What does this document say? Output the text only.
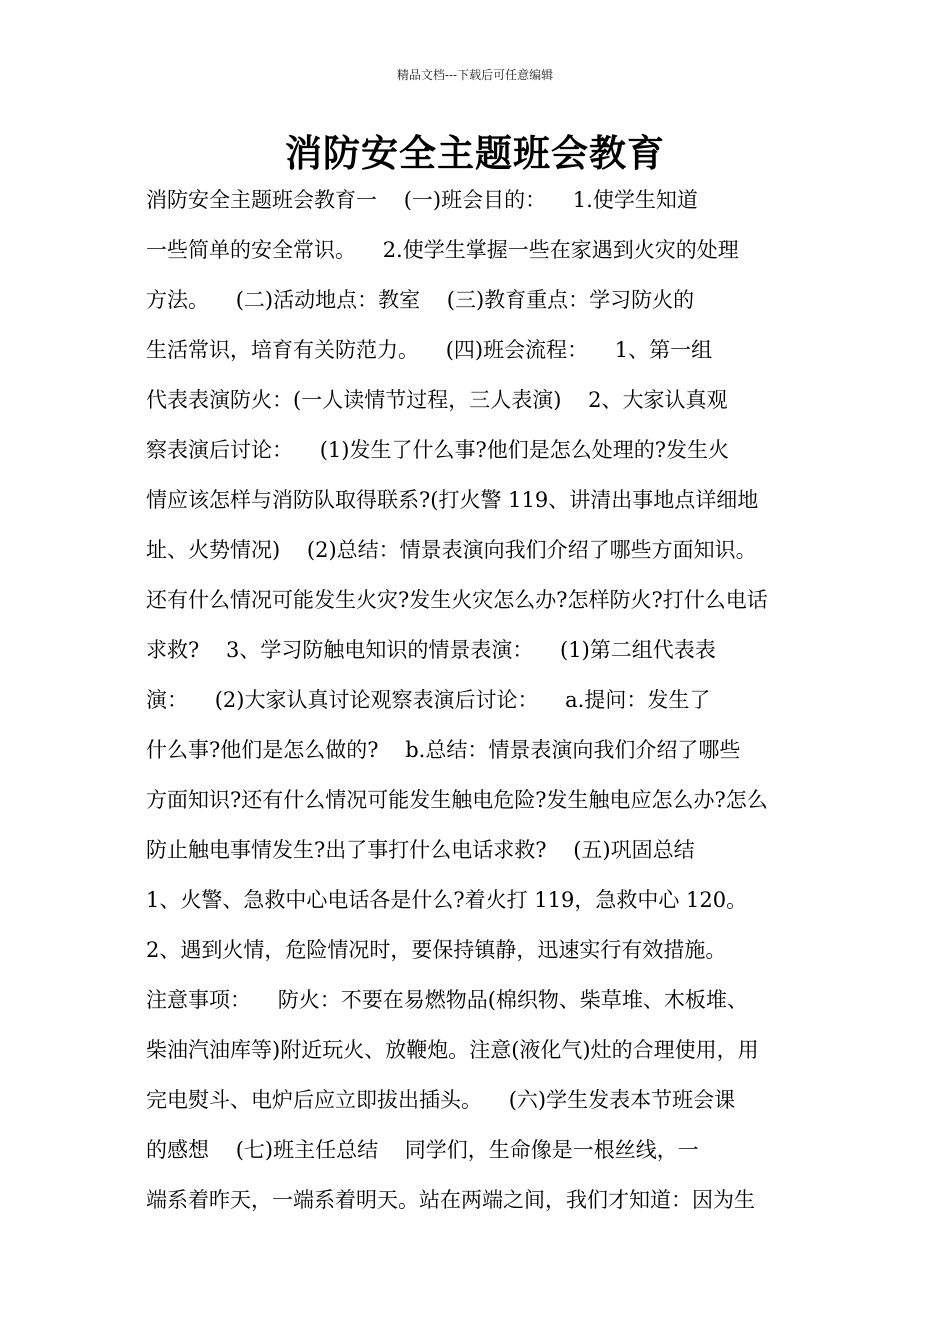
精品文档---下载后可任意编辑
消防安全主题班会教育
消防安全主题班会教育一    (一)班会目的：    1.使学生知道
一些简单的安全常识。    2.使学生掌握一些在家遇到火灾的处理
方法。    (二)活动地点：教室    (三)教育重点：学习防火的
生活常识，培育有关防范力。    (四)班会流程：    1、第一组
代表表演防火：(一人读情节过程，三人表演)    2、大家认真观
察表演后讨论：    (1)发生了什么事?他们是怎么处理的?发生火
情应该怎样与消防队取得联系?(打火警 119、讲清出事地点详细地
址、火势情况)    (2)总结：情景表演向我们介绍了哪些方面知识。
还有什么情况可能发生火灾?发生火灾怎么办?怎样防火?打什么电话
求救?    3、学习防触电知识的情景表演：    (1)第二组代表表
演：    (2)大家认真讨论观察表演后讨论：    a.提问：发生了
什么事?他们是怎么做的?    b.总结：情景表演向我们介绍了哪些
方面知识?还有什么情况可能发生触电危险?发生触电应怎么办?怎么
防止触电事情发生?出了事打什么电话求救?    (五)巩固总结
1、火警、急救中心电话各是什么?着火打 119，急救中心 120。
2、遇到火情，危险情况时，要保持镇静，迅速实行有效措施。
注意事项：    防火：不要在易燃物品(棉织物、柴草堆、木板堆、
柴油汽油库等)附近玩火、放鞭炮。注意(液化气)灶的合理使用，用
完电熨斗、电炉后应立即拔出插头。    (六)学生发表本节班会课
的感想    (七)班主任总结    同学们，生命像是一根丝线，一
端系着昨天，一端系着明天。站在两端之间，我们才知道：因为生
